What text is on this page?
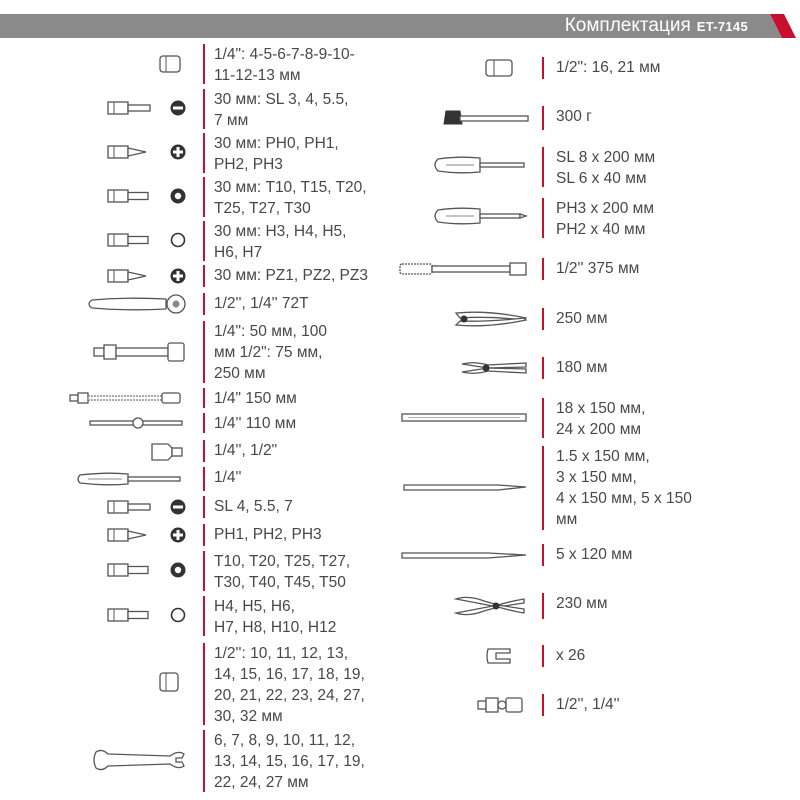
Комплектация ET-7145
1/4": 4-5-6-7-8-9-10-
11-12-13 мм
30 мм: SL 3, 4, 5.5,
7 мм
30 мм: PH0, PH1,
PH2, PH3
30 мм: T10, T15, T20,
T25, T27, T30
30 мм: H3, H4, H5,
H6, H7
30 мм: PZ1, PZ2, PZ3
1/2'', 1/4'' 72T
1/4": 50 мм, 100
мм 1/2": 75 мм,
250 мм
1/4" 150 мм
1/4'' 110 мм
1/4'', 1/2"
1/4''
SL 4, 5.5, 7
PH1, PH2, PH3
T10, T20, T25, T27,
T30, T40, T45, T50
H4, H5, H6,
H7, H8, H10, H12
1/2'': 10, 11, 12, 13,
14, 15, 16, 17, 18, 19,
20, 21, 22, 23, 24, 27,
30, 32 мм
6, 7, 8, 9, 10, 11, 12,
13, 14, 15, 16, 17, 19,
22, 24, 27 мм
1/2": 16, 21 мм
300 г
SL 8 x 200 мм
SL 6 x 40 мм
PH3 x 200 мм
PH2 x 40 мм
1/2'' 375 мм
250 мм
180 мм
18 x 150 мм,
24 x 200 мм
1.5 x 150 мм,
3 x 150 мм,
4 x 150 мм, 5 x 150
мм
5 x 120 мм
230 мм
x 26
1/2'', 1/4''
